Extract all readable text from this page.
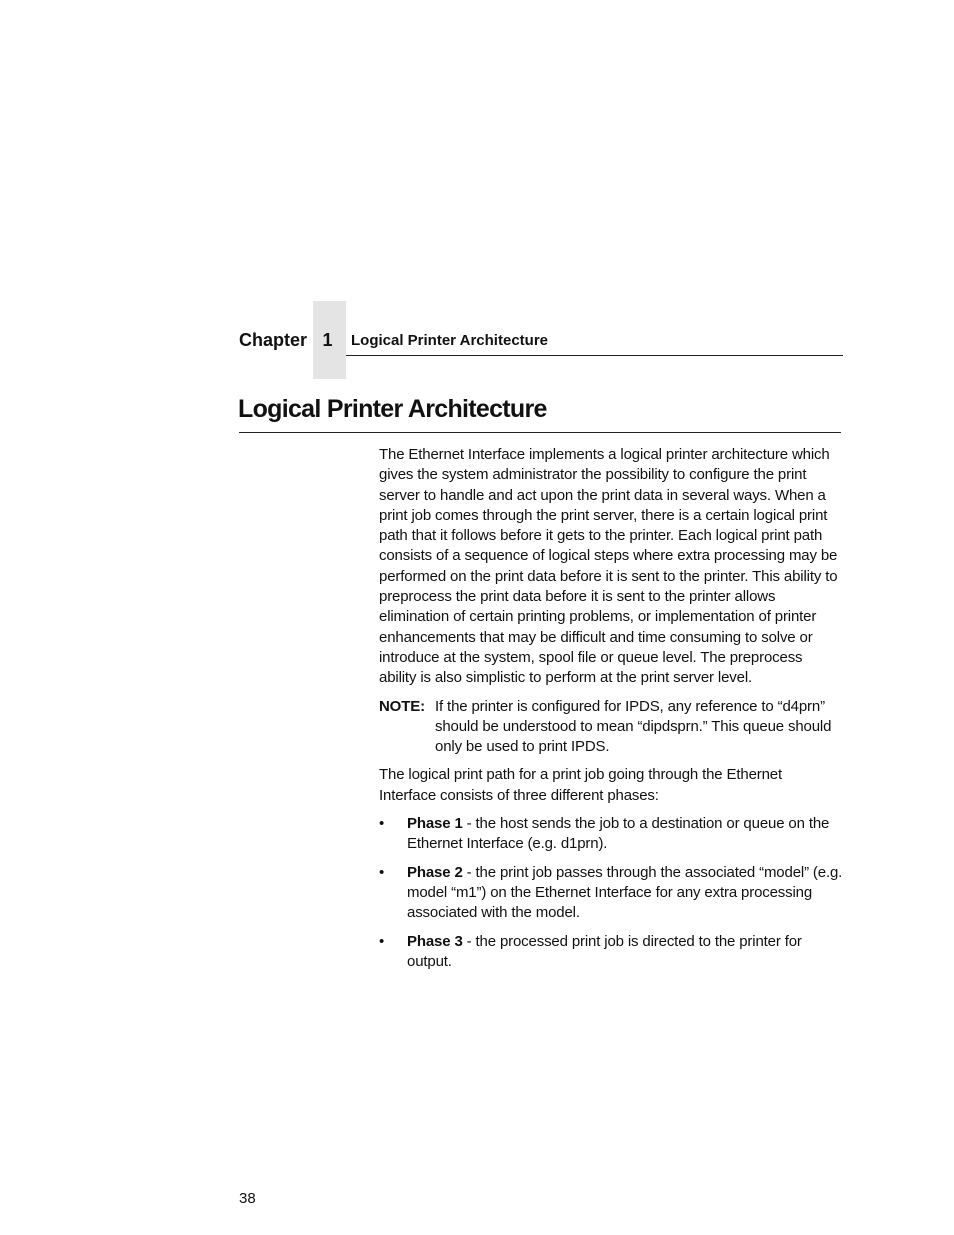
Chapter 1	Logical Printer Architecture
Logical Printer Architecture

The Ethernet Interface implements a logical printer architecture which gives the system administrator the possibility to configure the print server to handle and act upon the print data in several ways. When a print job comes through the print server, there is a certain logical print path that it follows before it gets to the printer. Each logical print path consists of a sequence of logical steps where extra processing may be performed on the print data before it is sent to the printer. This ability to preprocess the print data before it is sent to the printer allows elimination of certain printing problems, or implementation of printer enhancements that may be difficult and time consuming to solve or introduce at the system, spool file or queue level. The preprocess ability is also simplistic to perform at the print server level.

NOTE: If the printer is configured for IPDS, any reference to “d4prn” should be understood to mean “dipdsprn.” This queue should only be used to print IPDS.

The logical print path for a print job going through the Ethernet Interface consists of three different phases:

•	Phase 1 - the host sends the job to a destination or queue on the Ethernet Interface (e.g. d1prn).
•	Phase 2 - the print job passes through the associated “model” (e.g. model “m1”) on the Ethernet Interface for any extra processing associated with the model.
•	Phase 3 - the processed print job is directed to the printer for output.
38
